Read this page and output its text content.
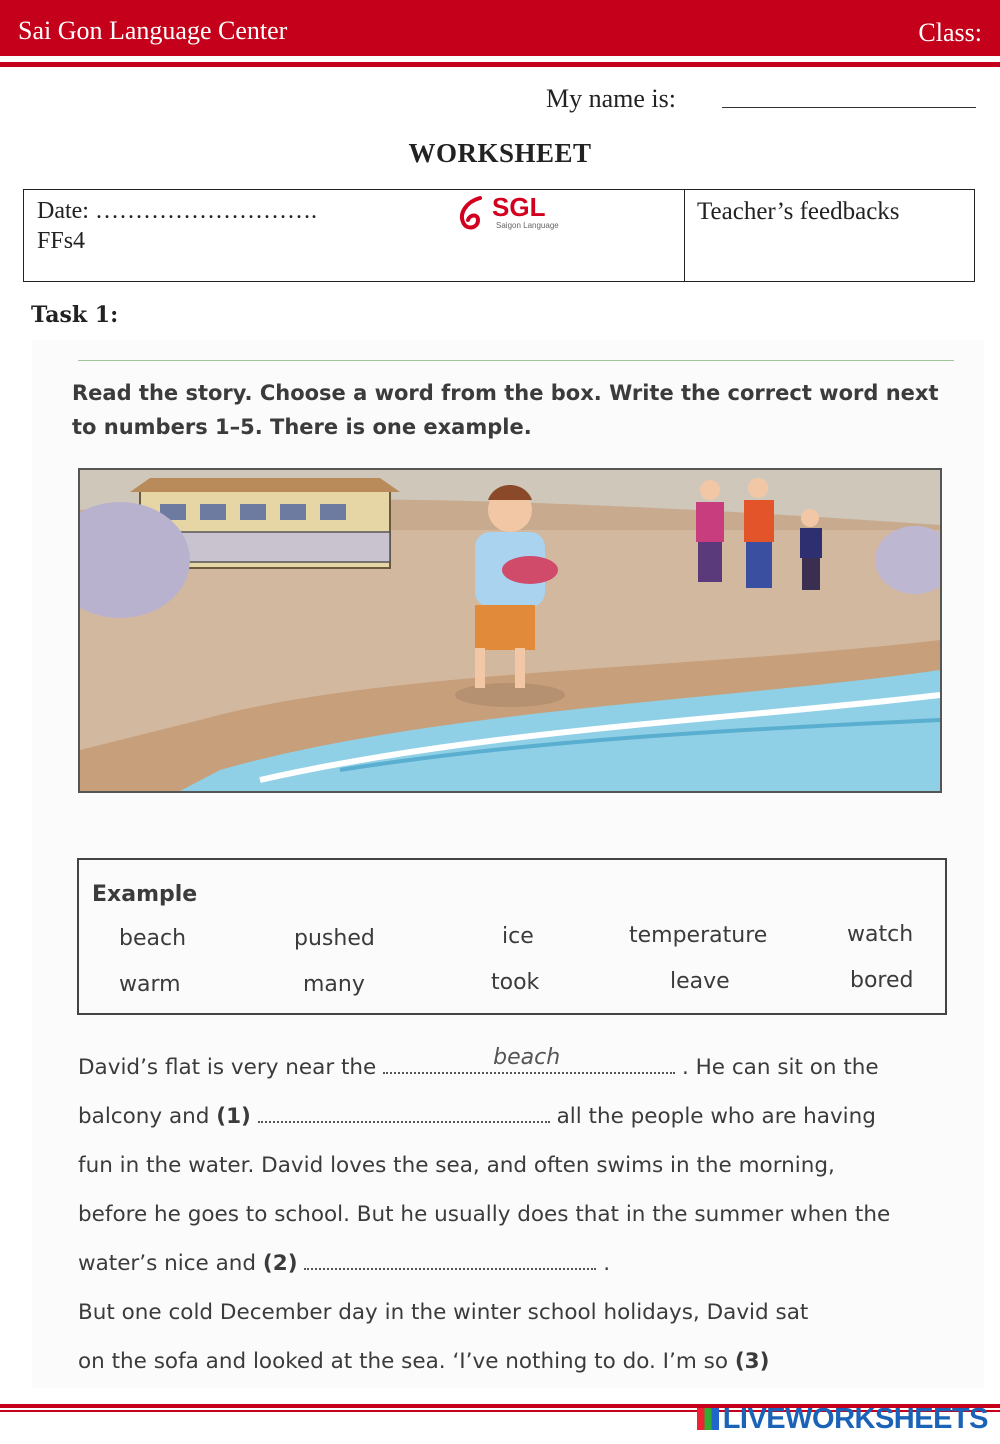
Sai Gon Language Center	Class:
My name is:
WORKSHEET
Date: ……………………….
FFs4
SGL
Saigon Language
Teacher’s feedbacks
Task 1:
Read the story. Choose a word from the box. Write the correct word next to numbers 1–5. There is one example.
Example
beach	pushed	ice	temperature	watch
warm	many	took	leave	bored
David’s flat is very near the	beach	. He can sit on the
balcony and (1)	all the people who are having
fun in the water. David loves the sea, and often swims in the morning,
before he goes to school. But he usually does that in the summer when the
water’s nice and (2)	.
But one cold December day in the winter school holidays, David sat
on the sofa and looked at the sea. ‘I’ve nothing to do. I’m so (3)
LIVEWORKSHEETS
